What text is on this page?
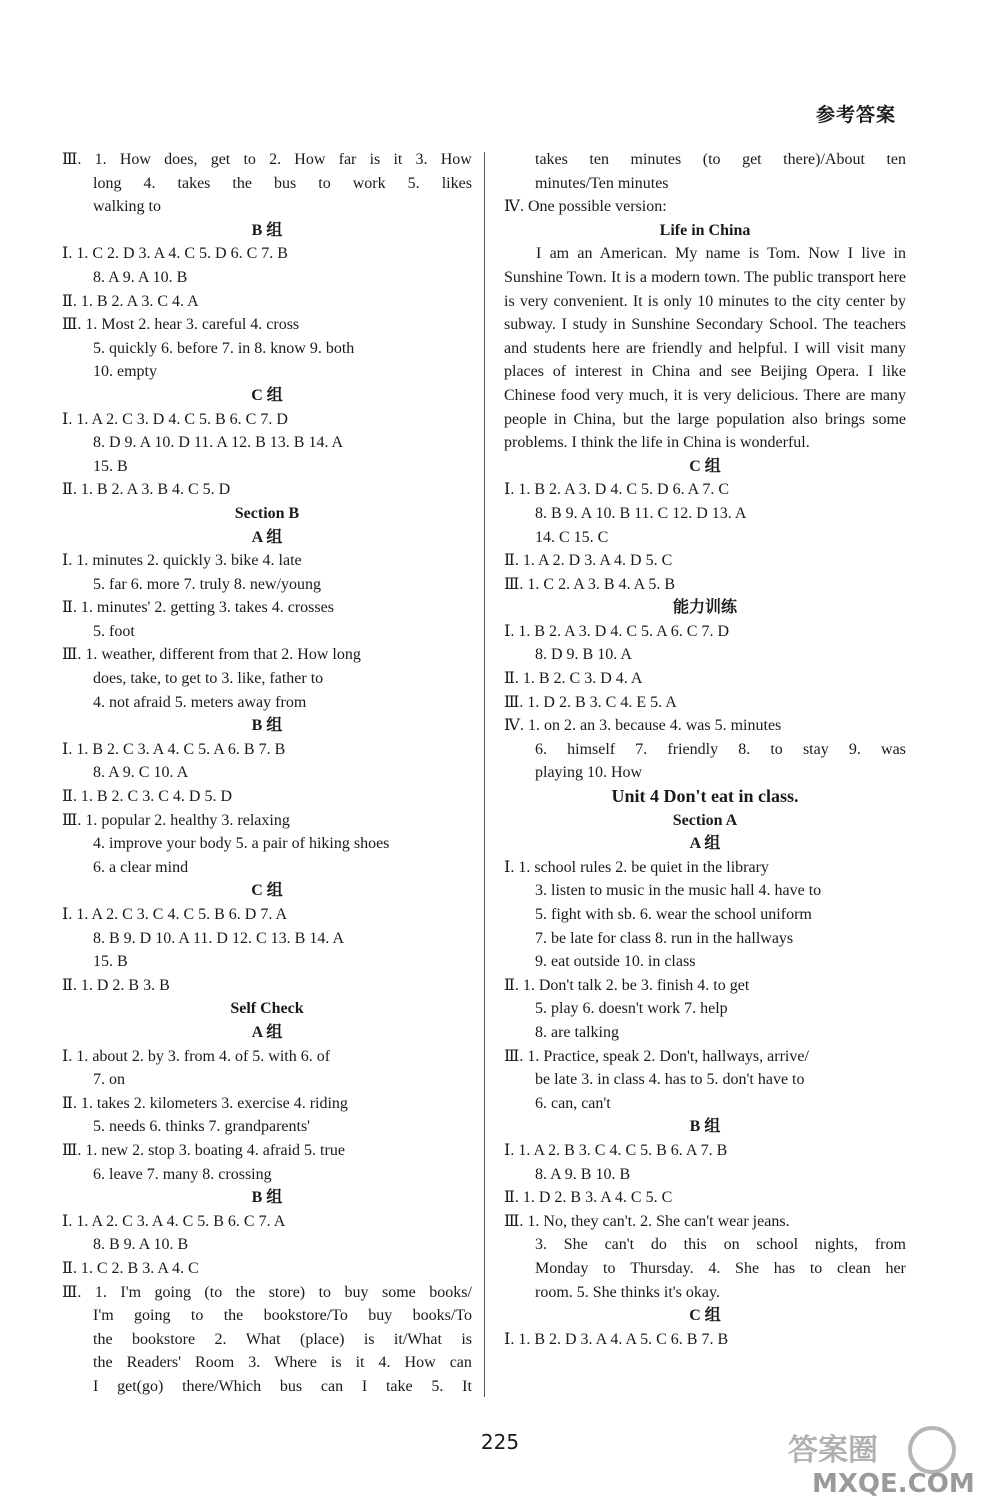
参考答案
Ⅲ. 1. How does, get to 2. How far is it 3. How
long 4. takes the bus to work 5. likes
walking to
B 组
Ⅰ. 1. C 2. D 3. A 4. C 5. D 6. C 7. B
8. A 9. A 10. B
Ⅱ. 1. B 2. A 3. C 4. A
Ⅲ. 1. Most 2. hear 3. careful 4. cross
5. quickly 6. before 7. in 8. know 9. both
10. empty
C 组
Ⅰ. 1. A 2. C 3. D 4. C 5. B 6. C 7. D
8. D 9. A 10. D 11. A 12. B 13. B 14. A
15. B
Ⅱ. 1. B 2. A 3. B 4. C 5. D
Section B
A 组
Ⅰ. 1. minutes 2. quickly 3. bike 4. late
5. far 6. more 7. truly 8. new/young
Ⅱ. 1. minutes' 2. getting 3. takes 4. crosses
5. foot
Ⅲ. 1. weather, different from that 2. How long
does, take, to get to 3. like, father to
4. not afraid 5. meters away from
B 组
Ⅰ. 1. B 2. C 3. A 4. C 5. A 6. B 7. B
8. A 9. C 10. A
Ⅱ. 1. B 2. C 3. C 4. D 5. D
Ⅲ. 1. popular 2. healthy 3. relaxing
4. improve your body 5. a pair of hiking shoes
6. a clear mind
C 组
Ⅰ. 1. A 2. C 3. C 4. C 5. B 6. D 7. A
8. B 9. D 10. A 11. D 12. C 13. B 14. A
15. B
Ⅱ. 1. D 2. B 3. B
Self Check
A 组
Ⅰ. 1. about 2. by 3. from 4. of 5. with 6. of
7. on
Ⅱ. 1. takes 2. kilometers 3. exercise 4. riding
5. needs 6. thinks 7. grandparents'
Ⅲ. 1. new 2. stop 3. boating 4. afraid 5. true
6. leave 7. many 8. crossing
B 组
Ⅰ. 1. A 2. C 3. A 4. C 5. B 6. C 7. A
8. B 9. A 10. B
Ⅱ. 1. C 2. B 3. A 4. C
Ⅲ. 1. I'm going (to the store) to buy some books/
I'm going to the bookstore/To buy books/To
the bookstore 2. What (place) is it/What is
the Readers' Room 3. Where is it 4. How can
I get(go) there/Which bus can I take 5. It
takes ten minutes (to get there)/About ten
minutes/Ten minutes
Ⅳ. One possible version:
Life in China
I am an American. My name is Tom. Now I live in Sunshine Town. It is a modern town. The public transport here is very convenient. It is only 10 minutes to the city center by subway. I study in Sunshine Secondary School. The teachers and students here are friendly and helpful. I will visit many places of interest in China and see Beijing Opera. I like Chinese food very much, it is very delicious. There are many people in China, but the large population also brings some problems. I think the life in China is wonderful.
C 组
Ⅰ. 1. B 2. A 3. D 4. C 5. D 6. A 7. C
8. B 9. A 10. B 11. C 12. D 13. A
14. C 15. C
Ⅱ. 1. A 2. D 3. A 4. D 5. C
Ⅲ. 1. C 2. A 3. B 4. A 5. B
能力训练
Ⅰ. 1. B 2. A 3. D 4. C 5. A 6. C 7. D
8. D 9. B 10. A
Ⅱ. 1. B 2. C 3. D 4. A
Ⅲ. 1. D 2. B 3. C 4. E 5. A
Ⅳ. 1. on 2. an 3. because 4. was 5. minutes
6. himself 7. friendly 8. to stay 9. was
playing 10. How
Unit 4 Don't eat in class.
Section A
A 组
Ⅰ. 1. school rules 2. be quiet in the library
3. listen to music in the music hall 4. have to
5. fight with sb. 6. wear the school uniform
7. be late for class 8. run in the hallways
9. eat outside 10. in class
Ⅱ. 1. Don't talk 2. be 3. finish 4. to get
5. play 6. doesn't work 7. help
8. are talking
Ⅲ. 1. Practice, speak 2. Don't, hallways, arrive/
be late 3. in class 4. has to 5. don't have to
6. can, can't
B 组
Ⅰ. 1. A 2. B 3. C 4. C 5. B 6. A 7. B
8. A 9. B 10. B
Ⅱ. 1. D 2. B 3. A 4. C 5. C
Ⅲ. 1. No, they can't. 2. She can't wear jeans.
3. She can't do this on school nights, from
Monday to Thursday. 4. She has to clean her
room. 5. She thinks it's okay.
C 组
Ⅰ. 1. B 2. D 3. A 4. A 5. C 6. B 7. B
225	答案圈
MXQE.COM
